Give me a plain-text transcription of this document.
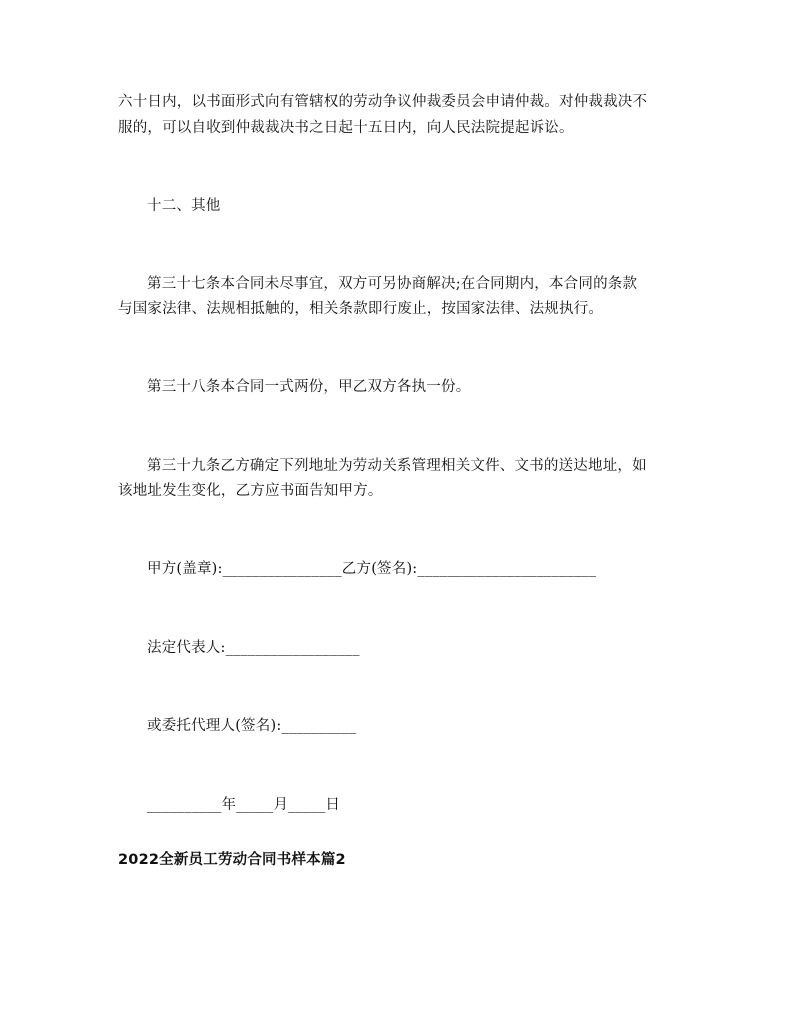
六十日内，以书面形式向有管辖权的劳动争议仲裁委员会申请仲裁。对仲裁裁决不
服的，可以自收到仲裁裁决书之日起十五日内，向人民法院提起诉讼。
十二、其他
第三十七条本合同未尽事宜，双方可另协商解决;在合同期内，本合同的条款
与国家法律、法规相抵触的，相关条款即行废止，按国家法律、法规执行。
第三十八条本合同一式两份，甲乙双方各执一份。
第三十九条乙方确定下列地址为劳动关系管理相关文件、文书的送达地址，如
该地址发生变化，乙方应书面告知甲方。
甲方(盖章):________________乙方(签名):________________________
法定代表人:__________________
或委托代理人(签名):__________
__________年_____月_____日
2022全新员工劳动合同书样本篇2
